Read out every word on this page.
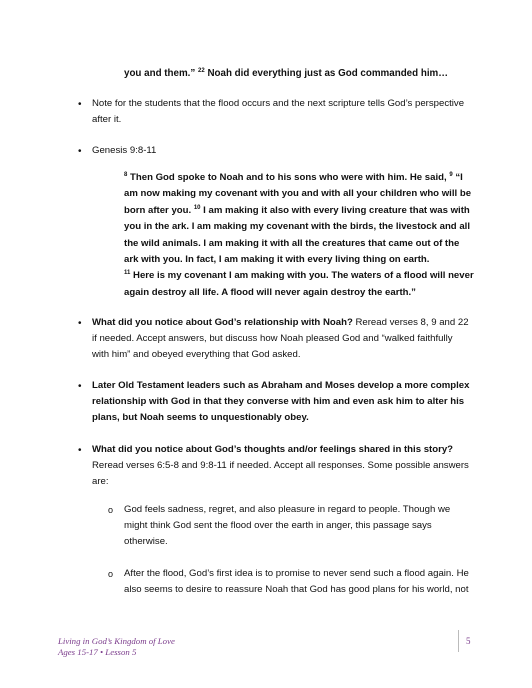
you and them.” $^{22}$ Noah did everything just as God commanded him…
•
Note for the students that the flood occurs and the next scripture tells God’s perspective after it.
•
Genesis 9:8-11
$^8$ Then God spoke to Noah and to his sons who were with him. He said, $^9$ “I am now making my covenant with you and with all your children who will be born after you. $^{10}$ I am making it also with every living creature that was with you in the ark. I am making my covenant with the birds, the livestock and all the wild animals. I am making it with all the creatures that came out of the ark with you. In fact, I am making it with every living thing on earth.
$^{11}$ Here is my covenant I am making with you. The waters of a flood will never again destroy all life. A flood will never again destroy the earth.”
•
What did you notice about God’s relationship with Noah? Reread verses 8, 9 and 22 if needed. Accept answers, but discuss how Noah pleased God and “walked faithfully with him” and obeyed everything that God asked.
•
Later Old Testament leaders such as Abraham and Moses develop a more complex relationship with God in that they converse with him and even ask him to alter his plans, but Noah seems to unquestionably obey.
•
What did you notice about God’s thoughts and/or feelings shared in this story? Reread verses 6:5-8 and 9:8-11 if needed. Accept all responses. Some possible answers are:
o
God feels sadness, regret, and also pleasure in regard to people. Though we might think God sent the flood over the earth in anger, this passage says otherwise.
o
After the flood, God’s first idea is to promise to never send such a flood again. He also seems to desire to reassure Noah that God has good plans for his world, not
Living in God’s Kingdom of Love
Ages 15-17 • Lesson 5
5
